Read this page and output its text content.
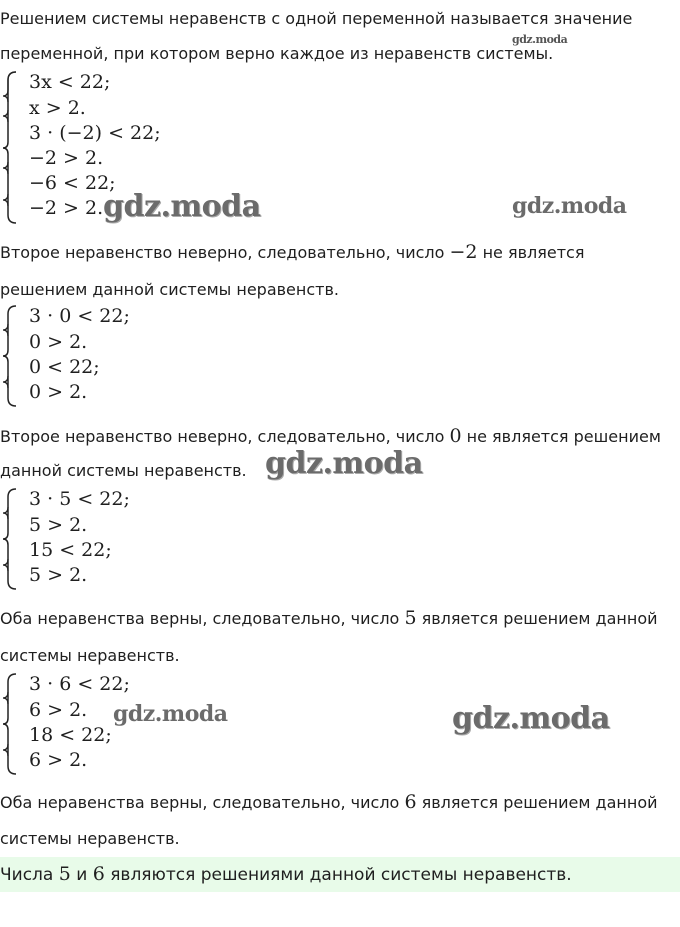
Решением системы неравенств с одной переменной называется значение
переменной, при котором верно каждое из неравенств системы.
gdz.moda
3x < 22;
x > 2.
3 · (−2) < 22;
−2 > 2.
−6 < 22;
−2 > 2. gdz.moda	gdz.moda
Второе неравенство неверно, следовательно, число −2 не является
решением данной системы неравенств.
3 · 0 < 22;
0 > 2.
0 < 22;
0 > 2.
Второе неравенство неверно, следовательно, число 0 не является решением
данной системы неравенств. gdz.moda
3 · 5 < 22;
5 > 2.
15 < 22;
5 > 2.
Оба неравенства верны, следовательно, число 5 является решением данной
системы неравенств.
3 · 6 < 22;
6 > 2.
18 < 22;
6 > 2.
gdz.moda	gdz.moda
Оба неравенства верны, следовательно, число 6 является решением данной
системы неравенств.
Числа 5 и 6 являются решениями данной системы неравенств.
